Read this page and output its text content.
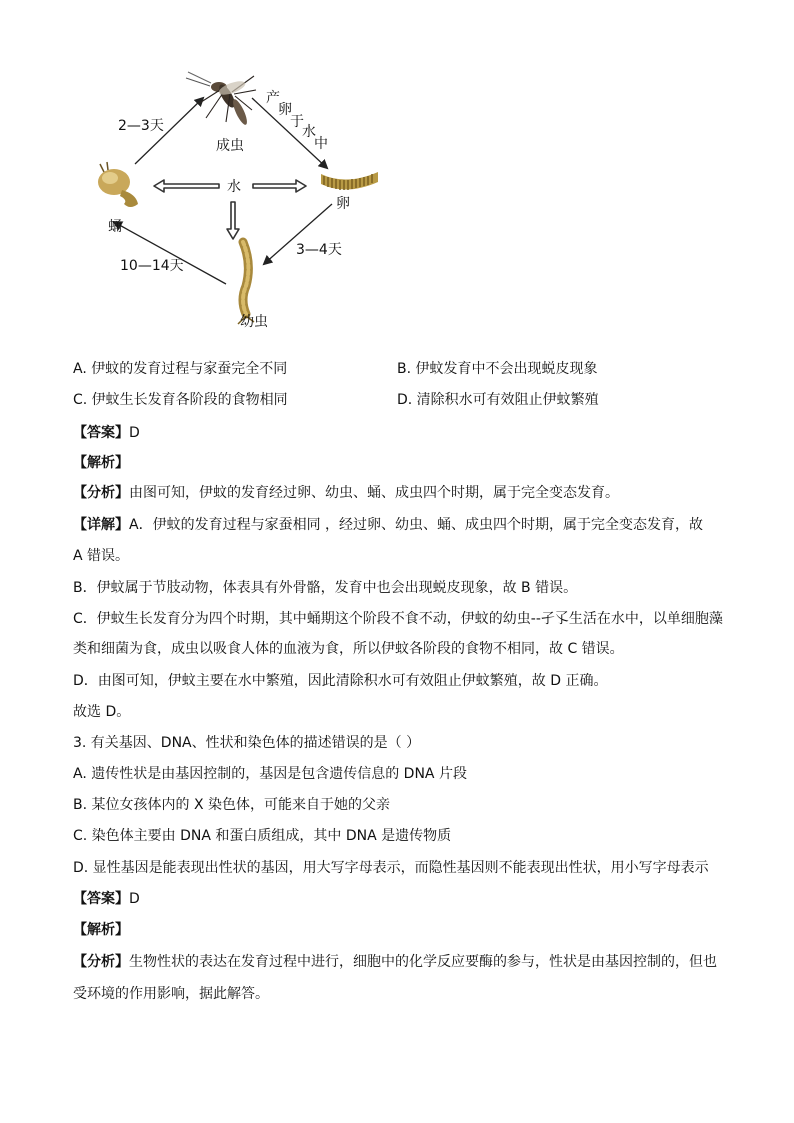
成虫
卵
幼虫
蛹
水
2—3天
3—4天
10—14天
产
卵
于
水
中
A. 伊蚊的发育过程与家蚕完全不同	B. 伊蚊发育中不会出现蜕皮现象
C. 伊蚊生长发育各阶段的食物相同	D. 清除积水可有效阻止伊蚊繁殖
【答案】D
【解析】
【分析】由图可知，伊蚊的发育经过卵、幼虫、蛹、成虫四个时期，属于完全变态发育。
【详解】A．伊蚊的发育过程与家蚕相同 ，经过卵、幼虫、蛹、成虫四个时期，属于完全变态发育，故
A 错误。
B．伊蚊属于节肢动物，体表具有外骨骼，发育中也会出现蜕皮现象，故 B 错误。
C．伊蚊生长发育分为四个时期，其中蛹期这个阶段不食不动，伊蚊的幼虫--孑孓生活在水中，以单细胞藻
类和细菌为食，成虫以吸食人体的血液为食，所以伊蚊各阶段的食物不相同，故 C 错误。
D．由图可知，伊蚊主要在水中繁殖，因此清除积水可有效阻止伊蚊繁殖，故 D 正确。
故选 D。
3. 有关基因、DNA、性状和染色体的描述错误的是（ ）
A. 遗传性状是由基因控制的，基因是包含遗传信息的 DNA 片段
B. 某位女孩体内的 X 染色体，可能来自于她的父亲
C. 染色体主要由 DNA 和蛋白质组成，其中 DNA 是遗传物质
D. 显性基因是能表现出性状的基因，用大写字母表示，而隐性基因则不能表现出性状，用小写字母表示
【答案】D
【解析】
【分析】生物性状的表达在发育过程中进行，细胞中的化学反应要酶的参与，性状是由基因控制的，但也
受环境的作用影响，据此解答。
